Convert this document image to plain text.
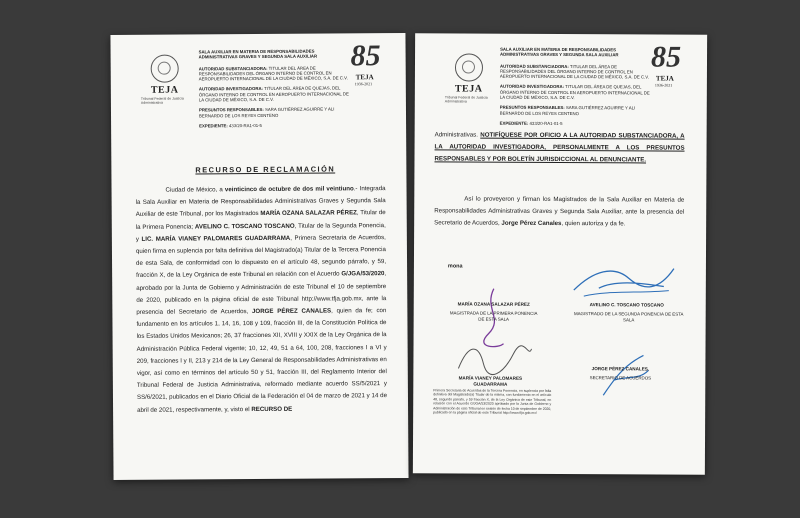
TEJA
Tribunal Federal de Justicia Administrativa
SALA AUXILIAR EN MATERIA DE RESPONSABILIDADES ADMINISTRATIVAS GRAVES Y SEGUNDA SALA AUXILIAR
AUTORIDAD SUBSTANCIADORA: TITULAR DEL ÁREA DE RESPONSABILIDADES DEL ÓRGANO INTERNO DE CONTROL EN AEROPUERTO INTERNACIONAL DE LA CIUDAD DE MÉXICO, S.A. DE C.V.
AUTORIDAD INVESTIGADORA: TITULAR DEL ÁREA DE QUEJAS, DEL ÓRGANO INTERNO DE CONTROL EN AEROPUERTO INTERNACIONAL DE LA CIUDAD DE MÉXICO, S.A. DE C.V.
PRESUNTOS RESPONSABLES: SARA GUTIÉRREZ AGUIRRE Y ALI BERNARDO DE LOS REYES CENTENO
EXPEDIENTE: 433/20-RA1-01-5
85
TEJA
1936-2021
RECURSO DE RECLAMACIÓN
Ciudad de México, a veinticinco de octubre de dos mil veintiuno.- Integrada la Sala Auxiliar en Materia de Responsabilidades Administrativas Graves y Segunda Sala Auxiliar de este Tribunal, por los Magistrados MARÍA OZANA SALAZAR PÉREZ, Titular de la Primera Ponencia; AVELINO C. TOSCANO TOSCANO, Titular de la Segunda Ponencia, y LIC. MARÍA VIANEY PALOMARES GUADARRAMA, Primera Secretaria de Acuerdos, quien firma en suplencia por falta definitiva del Magistrado(a) Titular de la Tercera Ponencia de esta Sala, de conformidad con lo dispuesto en el artículo 48, segundo párrafo, y 59, fracción X, de la Ley Orgánica de este Tribunal en relación con el Acuerdo G/JGA/53/2020, aprobado por la Junta de Gobierno y Administración de este Tribunal el 10 de septiembre de 2020, publicado en la página oficial de este Tribunal http://www.tfja.gob.mx, ante la presencia del Secretario de Acuerdos, JORGE PÉREZ CANALES, quien da fe; con fundamento en los artículos 1, 14, 16, 108 y 109, fracción III, de la Constitución Política de los Estados Unidos Mexicanos; 26, 37 fracciones XII, XVIII y XXIX de la Ley Orgánica de la Administración Pública Federal vigente; 10, 12, 49, 51 a 64, 100, 208, fracciones I a VI y 209, fracciones I y II, 213 y 214 de la Ley General de Responsabilidades Administrativas en vigor, así como en términos del artículo 50 y 51, fracción III, del Reglamento Interior del Tribunal Federal de Justicia Administrativa, reformado mediante acuerdo SS/5/2021 y SS/6/2021, publicados en el Diario Oficial de la Federación el 04 de marzo de 2021 y 14 de abril de 2021, respectivamente, y, visto el RECURSO DE
TEJA
Tribunal Federal de Justicia Administrativa
SALA AUXILIAR EN MATERIA DE RESPONSABILIDADES ADMINISTRATIVAS GRAVES Y SEGUNDA SALA AUXILIAR
AUTORIDAD SUBSTANCIADORA: TITULAR DEL ÁREA DE RESPONSABILIDADES DEL ÓRGANO INTERNO DE CONTROL EN AEROPUERTO INTERNACIONAL DE LA CIUDAD DE MÉXICO, S.A. DE C.V.
AUTORIDAD INVESTIGADORA: TITULAR DEL ÁREA DE QUEJAS, DEL ÓRGANO INTERNO DE CONTROL EN AEROPUERTO INTERNACIONAL DE LA CIUDAD DE MÉXICO, S.A. DE C.V.
PRESUNTOS RESPONSABLES: SARA GUTIÉRREZ AGUIRRE Y ALI BERNARDO DE LOS REYES CENTENO
EXPEDIENTE: 433/20-RA1-01-5
85
TEJA
1936-2021
Administrativas. NOTIFÍQUESE POR OFICIO A LA AUTORIDAD SUBSTANCIADORA, A LA AUTORIDAD INVESTIGADORA, PERSONALMENTE A LOS PRESUNTOS RESPONSABLES Y POR BOLETÍN JURISDICCIONAL AL DENUNCIANTE.
Así lo proveyeron y firman los Magistrados de la Sala Auxiliar en Materia de Responsabilidades Administrativas Graves y Segunda Sala Auxiliar, ante la presencia del Secretario de Acuerdos, Jorge Pérez Canales, quien autoriza y da fe.
mona
MARÍA OZANA SALAZAR PÉREZ
MAGISTRADA DE LA PRIMERA PONENCIA DE ESTA SALA
AVELINO C. TOSCANO TOSCANO
MAGISTRADO DE LA SEGUNDA PONENCIA DE ESTA SALA
MARÍA VIANEY PALOMARES GUADARRAMA
JORGE PÉREZ CANALES.
SECRETARIO DE ACUERDOS
Primera Secretaria de Acuerdos de la Tercera Ponencia, en suplencia por falta definitiva del Magistrado(a) Titular de la misma, con fundamento en el artículo 48, segundo párrafo, y 59 fracción X, de la Ley Orgánica de este Tribunal, en relación con el Acuerdo G/JGA/53/2020 aprobado por la Junta de Gobierno y Administración de este Tribunal en sesión de fecha 10 de septiembre de 2020, publicado en la página oficial de este Tribunal http://www.tfja.gob.mx/
